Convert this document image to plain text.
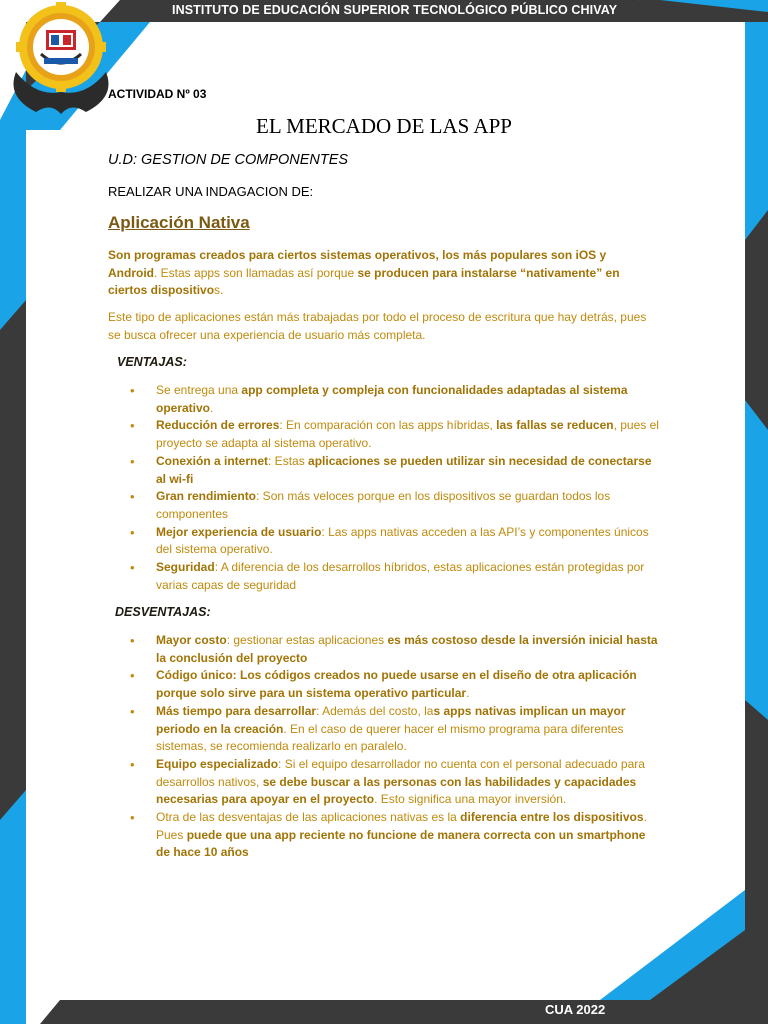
INSTITUTO DE EDUCACIÓN SUPERIOR TECNOLÓGICO PÚBLICO CHIVAY
ACTIVIDAD Nº 03
EL MERCADO DE LAS APP
U.D: GESTION DE COMPONENTES
REALIZAR UNA INDAGACION DE:
Aplicación Nativa
Son programas creados para ciertos sistemas operativos, los más populares son iOS y Android. Estas apps son llamadas así porque se producen para instalarse “nativamente” en ciertos dispositivos.
Este tipo de aplicaciones están más trabajadas por todo el proceso de escritura que hay detrás, pues se busca ofrecer una experiencia de usuario más completa.
VENTAJAS:
• Se entrega una app completa y compleja con funcionalidades adaptadas al sistema operativo.
• Reducción de errores: En comparación con las apps híbridas, las fallas se reducen, pues el proyecto se adapta al sistema operativo.
• Conexión a internet: Estas aplicaciones se pueden utilizar sin necesidad de conectarse al wi-fi
• Gran rendimiento: Son más veloces porque en los dispositivos se guardan todos los componentes
• Mejor experiencia de usuario: Las apps nativas acceden a las API’s y componentes únicos del sistema operativo.
• Seguridad: A diferencia de los desarrollos híbridos, estas aplicaciones están protegidas por varias capas de seguridad
DESVENTAJAS:
• Mayor costo: gestionar estas aplicaciones es más costoso desde la inversión inicial hasta la conclusión del proyecto
• Código único: Los códigos creados no puede usarse en el diseño de otra aplicación porque solo sirve para un sistema operativo particular.
• Más tiempo para desarrollar: Además del costo, las apps nativas implican un mayor periodo en la creación. En el caso de querer hacer el mismo programa para diferentes sistemas, se recomienda realizarlo en paralelo.
• Equipo especializado: Si el equipo desarrollador no cuenta con el personal adecuado para desarrollos nativos, se debe buscar a las personas con las habilidades y capacidades necesarias para apoyar en el proyecto. Esto significa una mayor inversión.
• Otra de las desventajas de las aplicaciones nativas es la diferencia entre los dispositivos. Pues puede que una app reciente no funcione de manera correcta con un smartphone de hace 10 años
CUA 2022
